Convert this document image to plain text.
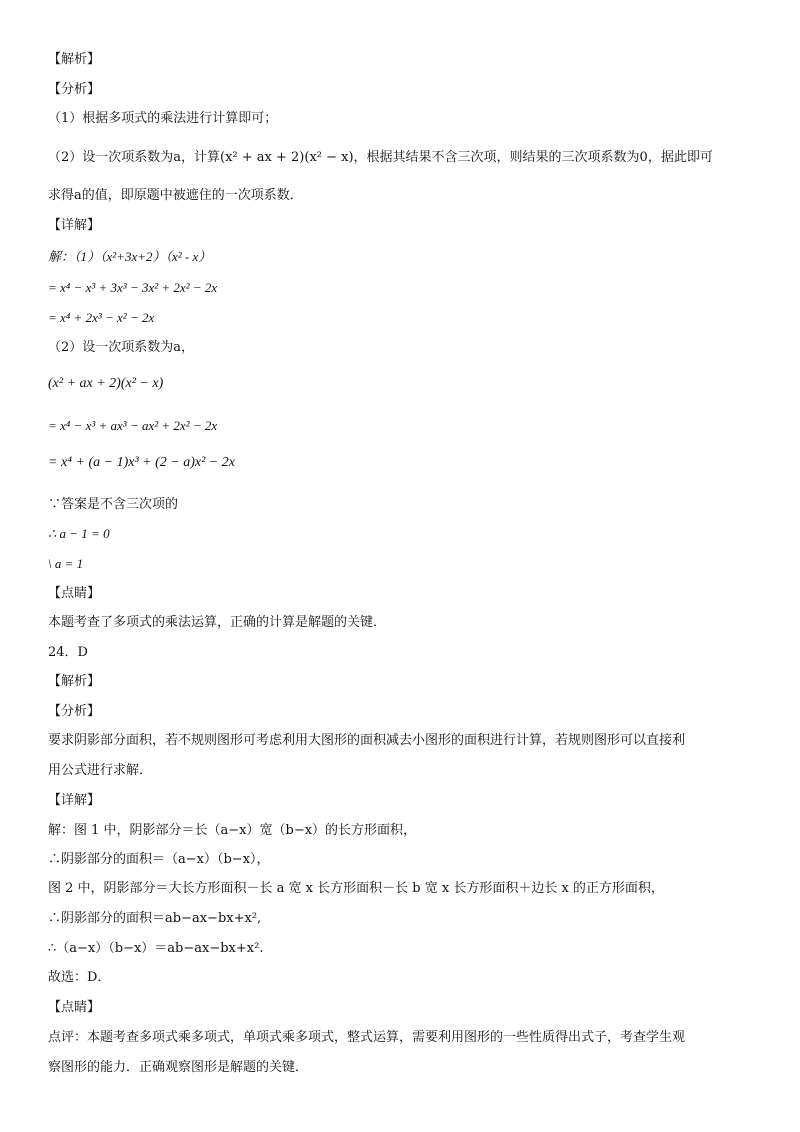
【解析】
【分析】
（1）根据多项式的乘法进行计算即可；
（2）设一次项系数为a，计算(x² + ax + 2)(x² − x)，根据其结果不含三次项，则结果的三次项系数为0，据此即可
求得a的值，即原题中被遮住的一次项系数．
【详解】
解：（1）（x²+3x+2）（x² - x）
= x⁴ − x³ + 3x³ − 3x² + 2x² − 2x
= x⁴ + 2x³ − x² − 2x
（2）设一次项系数为a，
(x² + ax + 2)(x² − x)
= x⁴ − x³ + ax³ − ax² + 2x² − 2x
= x⁴ + (a − 1)x³ + (2 − a)x² − 2x
∵答案是不含三次项的
∴ a − 1 = 0
\ a = 1
【点睛】
本题考查了多项式的乘法运算，正确的计算是解题的关键．
24．D
【解析】
【分析】
要求阴影部分面积，若不规则图形可考虑利用大图形的面积减去小图形的面积进行计算，若规则图形可以直接利
用公式进行求解．
【详解】
解：图 1 中，阴影部分＝长（a−x）宽（b−x）的长方形面积，
∴阴影部分的面积＝（a−x）（b−x），
图 2 中，阴影部分＝大长方形面积－长 a 宽 x 长方形面积－长 b 宽 x 长方形面积＋边长 x 的正方形面积，
∴阴影部分的面积＝ab−ax−bx+x²,
∴（a−x）（b−x）＝ab−ax−bx+x².
故选：D．
【点睛】
点评：本题考查多项式乘多项式，单项式乘多项式，整式运算，需要利用图形的一些性质得出式子，考查学生观
察图形的能力．正确观察图形是解题的关键．
